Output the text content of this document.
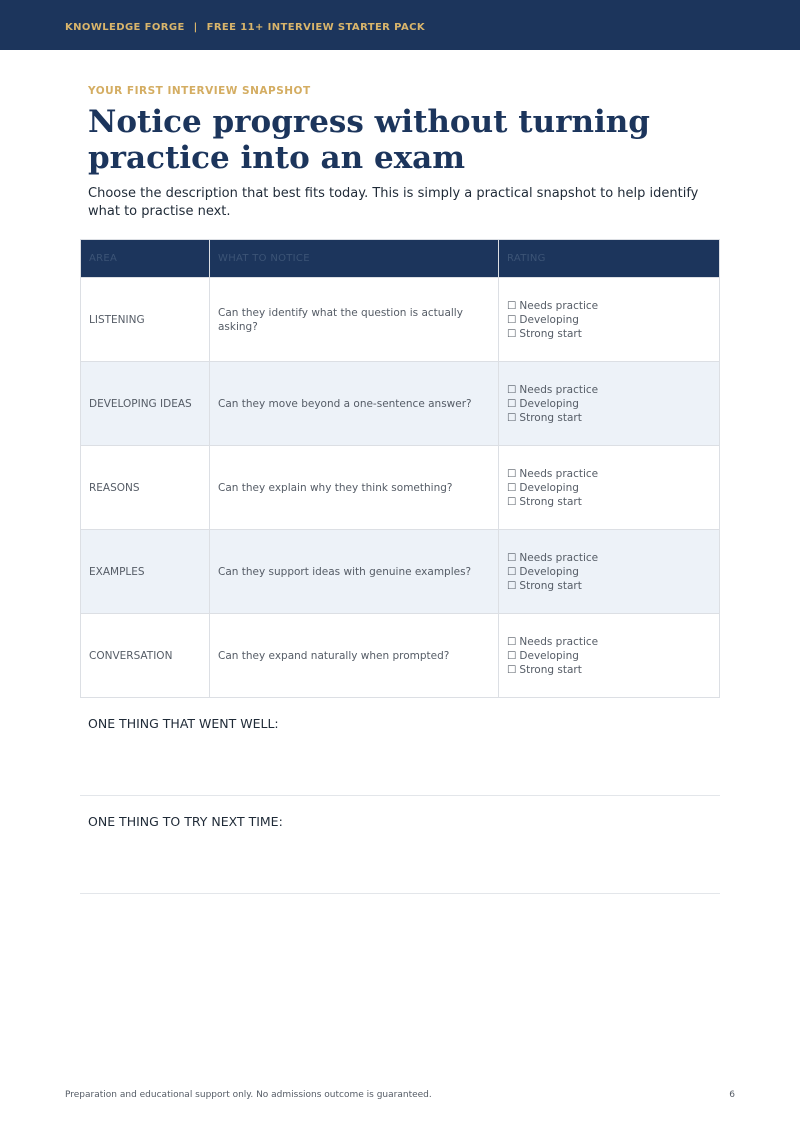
KNOWLEDGE FORGE | FREE 11+ INTERVIEW STARTER PACK
YOUR FIRST INTERVIEW SNAPSHOT
Notice progress without turning practice into an exam
Choose the description that best fits today. This is simply a practical snapshot to help identify what to practise next.
AREA	WHAT TO NOTICE	RATING
LISTENING	Can they identify what the question is actually asking?	☐ Needs practice
☐ Developing
☐ Strong start

DEVELOPING IDEAS	Can they move beyond a one-sentence answer?	☐ Needs practice
☐ Developing
☐ Strong start

REASONS	Can they explain why they think something?	☐ Needs practice
☐ Developing
☐ Strong start

EXAMPLES	Can they support ideas with genuine examples?	☐ Needs practice
☐ Developing
☐ Strong start

CONVERSATION	Can they expand naturally when prompted?	☐ Needs practice
☐ Developing
☐ Strong start
ONE THING THAT WENT WELL:
ONE THING TO TRY NEXT TIME:
Preparation and educational support only. No admissions outcome is guaranteed.	6
